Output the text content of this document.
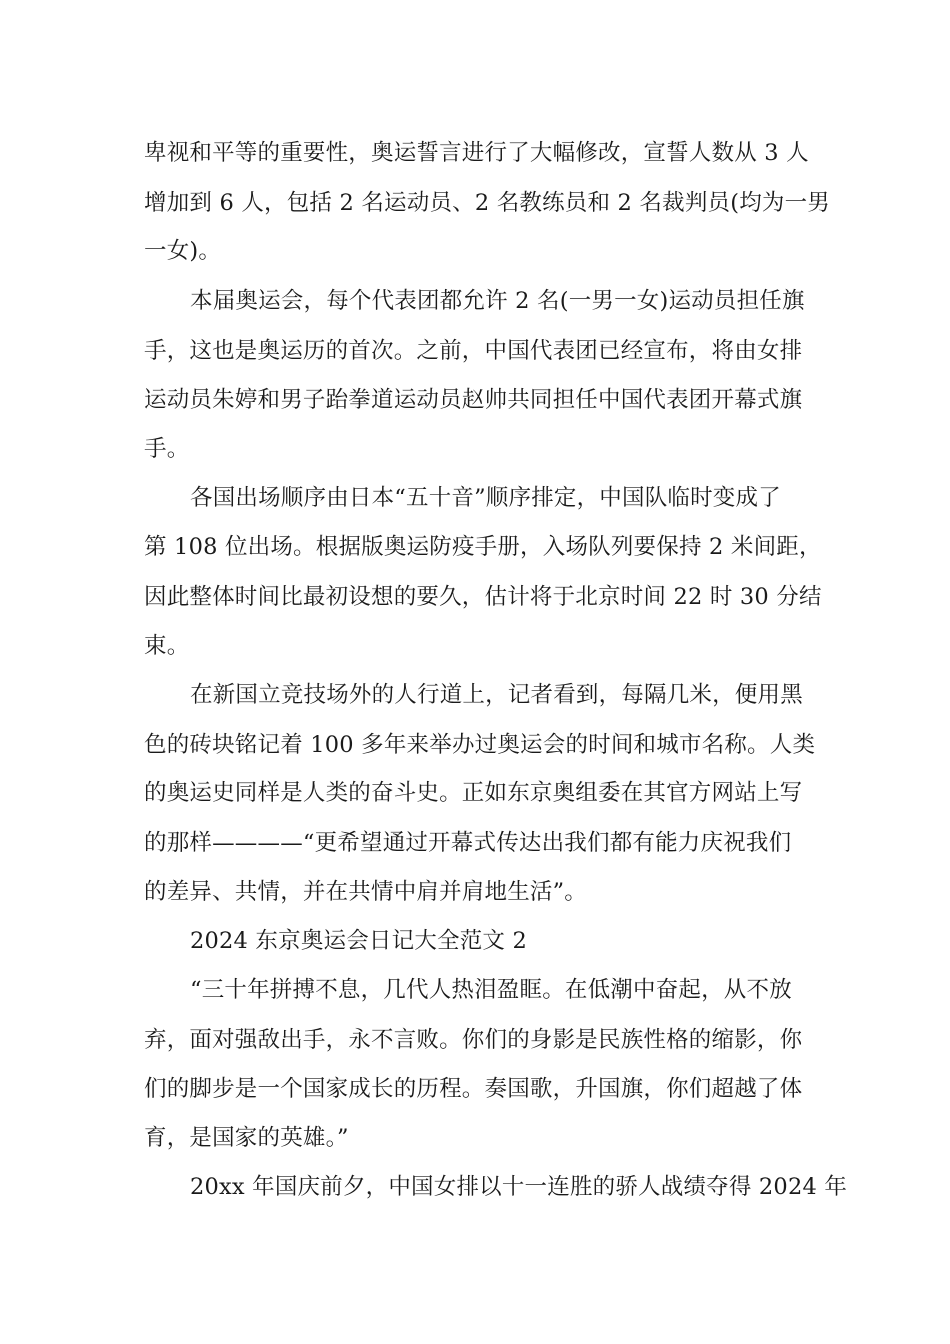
卑视和平等的重要性，奥运誓言进行了大幅修改，宣誓人数从 3 人
增加到 6 人，包括 2 名运动员、2 名教练员和 2 名裁判员(均为一男
一女)。
本届奥运会，每个代表团都允许 2 名(一男一女)运动员担任旗
手，这也是奥运历的首次。之前，中国代表团已经宣布，将由女排
运动员朱婷和男子跆拳道运动员赵帅共同担任中国代表团开幕式旗
手。
各国出场顺序由日本“五十音”顺序排定，中国队临时变成了
第 108 位出场。根据版奥运防疫手册，入场队列要保持 2 米间距，
因此整体时间比最初设想的要久，估计将于北京时间 22 时 30 分结
束。
在新国立竞技场外的人行道上，记者看到，每隔几米，便用黑
色的砖块铭记着 100 多年来举办过奥运会的时间和城市名称。人类
的奥运史同样是人类的奋斗史。正如东京奥组委在其官方网站上写
的那样————“更希望通过开幕式传达出我们都有能力庆祝我们
的差异、共情，并在共情中肩并肩地生活”。
2024 东京奥运会日记大全范文 2
“三十年拼搏不息，几代人热泪盈眶。在低潮中奋起，从不放
弃，面对强敌出手，永不言败。你们的身影是民族性格的缩影，你
们的脚步是一个国家成长的历程。奏国歌，升国旗，你们超越了体
育，是国家的英雄。”
20xx 年国庆前夕，中国女排以十一连胜的骄人战绩夺得 2024 年
